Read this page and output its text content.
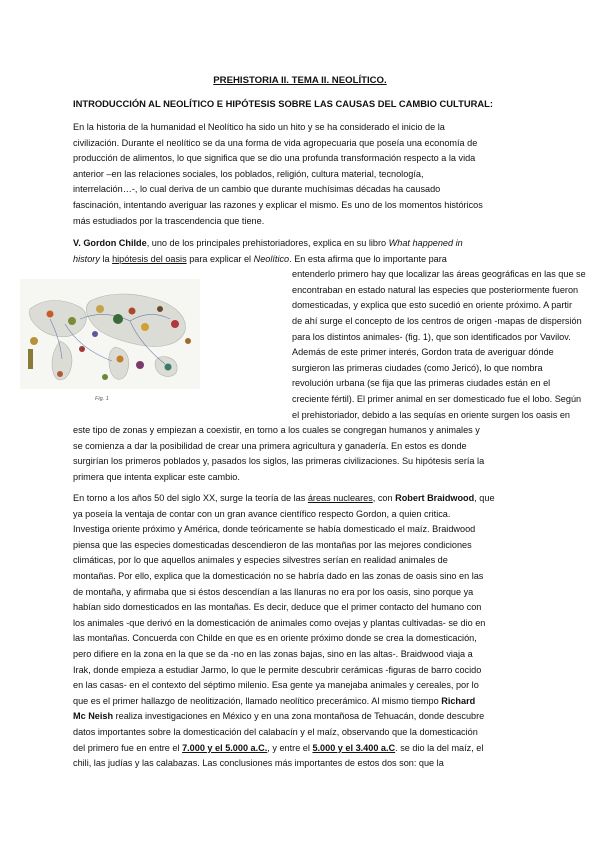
PREHISTORIA II. TEMA II. NEOLÍTICO.
INTRODUCCIÓN AL NEOLÍTICO E HIPÓTESIS SOBRE LAS CAUSAS DEL CAMBIO CULTURAL:
En la historia de la humanidad el Neolítico ha sido un hito y se ha considerado el inicio de la
civilización. Durante el neolítico se da una forma de vida agropecuaria que poseía una economía de
producción de alimentos, lo que significa que se dio una profunda transformación respecto a la vida
anterior –en las relaciones sociales, los poblados, religión, cultura material, tecnología,
interrelación…-, lo cual deriva de un cambio que durante muchísimas décadas ha causado
fascinación, intentando averiguar las razones y explicar el mismo. Es uno de los momentos históricos
más estudiados por la trascendencia que tiene.
Fig. 1
V. Gordon Childe, uno de los principales prehistoriadores, explica en su libro What happened in
history la hipótesis del oasis para explicar el Neolítico. En esta afirma que lo importante para
entenderlo primero hay que localizar las áreas geográficas en las que se
encontraban en estado natural las especies que posteriormente fueron
domesticadas, y explica que esto sucedió en oriente próximo. A partir
de ahí surge el concepto de los centros de origen -mapas de dispersión
para los distintos animales- (fig. 1), que son identificados por Vavilov.
Además de este primer interés, Gordon trata de averiguar dónde
surgieron las primeras ciudades (como Jericó), lo que nombra
revolución urbana (se fija que las primeras ciudades están en el
creciente fértil). El primer animal en ser domesticado fue el lobo. Según
el prehistoriador, debido a las sequías en oriente surgen los oasis en
este tipo de zonas y empiezan a coexistir, en torno a los cuales se congregan humanos y animales y
se comienza a dar la posibilidad de crear una primera agricultura y ganadería. En estos es donde
surgirían los primeros poblados y, pasados los siglos, las primeras civilizaciones. Su hipótesis sería la
primera que intenta explicar este cambio.
En torno a los años 50 del siglo XX, surge la teoría de las áreas nucleares, con Robert Braidwood, que
ya poseía la ventaja de contar con un gran avance científico respecto Gordon, a quien critica.
Investiga oriente próximo y América, donde teóricamente se había domesticado el maíz. Braidwood
piensa que las especies domesticadas descendieron de las montañas por las mejores condiciones
climáticas, por lo que aquellos animales y especies silvestres serían en realidad animales de
montañas. Por ello, explica que la domesticación no se habría dado en las zonas de oasis sino en las
de montaña, y afirmaba que si éstos descendían a las llanuras no era por los oasis, sino porque ya
habían sido domesticados en las montañas. Es decir, deduce que el primer contacto del humano con
los animales -que derivó en la domesticación de animales como ovejas y plantas cultivadas- se dio en
las montañas. Concuerda con Childe en que es en oriente próximo donde se crea la domesticación,
pero difiere en la zona en la que se da -no en las zonas bajas, sino en las altas-. Braidwood viaja a
Irak, donde empieza a estudiar Jarmo, lo que le permite descubrir cerámicas -figuras de barro cocido
en las casas- en el contexto del séptimo milenio. Esa gente ya manejaba animales y cereales, por lo
que es el primer hallazgo de neolitización, llamado neolítico precerámico. Al mismo tiempo Richard
Mc Neish realiza investigaciones en México y en una zona montañosa de Tehuacán, donde descubre
datos importantes sobre la domesticación del calabacín y el maíz, observando que la domesticación
del primero fue en entre el 7.000 y el 5.000 a.C., y entre el 5.000 y el 3.400 a.C. se dio la del maíz, el
chili, las judías y las calabazas. Las conclusiones más importantes de estos dos son: que la
